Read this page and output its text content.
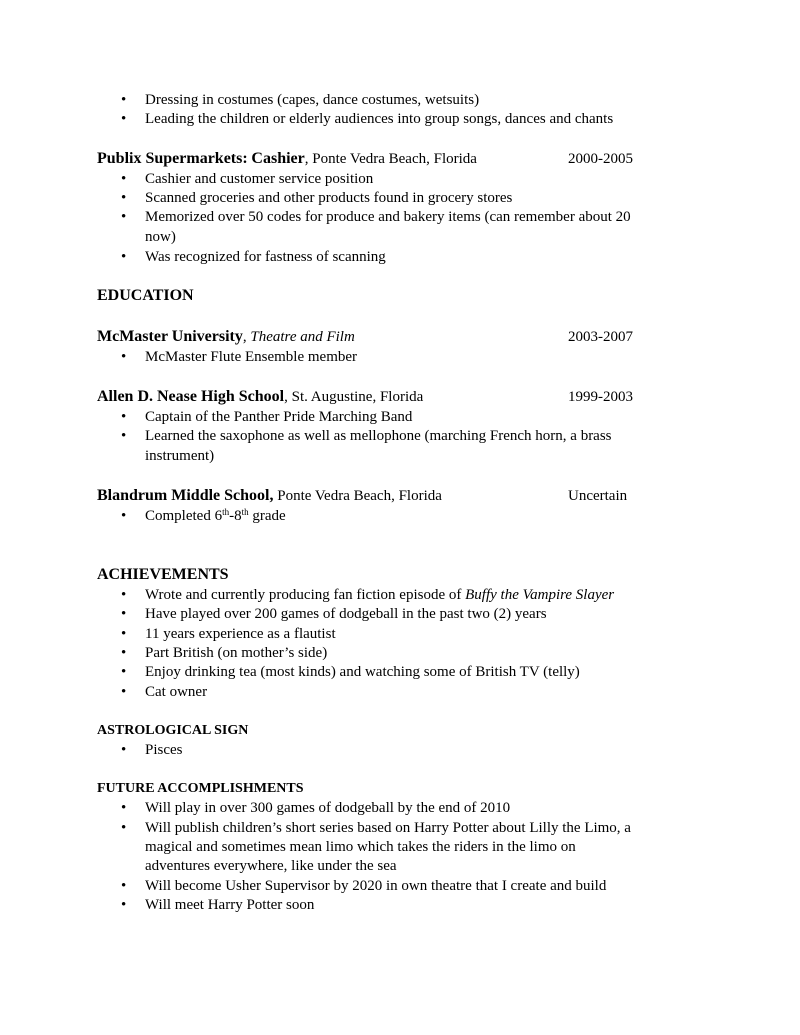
• Dressing in costumes (capes, dance costumes, wetsuits)
• Leading the children or elderly audiences into group songs, dances and chants
Publix Supermarkets: Cashier, Ponte Vedra Beach, Florida	2000-2005
• Cashier and customer service position
• Scanned groceries and other products found in grocery stores
• Memorized over 50 codes for produce and bakery items (can remember about 20
now)
• Was recognized for fastness of scanning
EDUCATION
McMaster University, Theatre and Film	2003-2007
• McMaster Flute Ensemble member
Allen D. Nease High School, St. Augustine, Florida	1999-2003
• Captain of the Panther Pride Marching Band
• Learned the saxophone as well as mellophone (marching French horn, a brass
instrument)
Blandrum Middle School, Ponte Vedra Beach, Florida	Uncertain
• Completed 6th-8th grade
ACHIEVEMENTS
• Wrote and currently producing fan fiction episode of Buffy the Vampire Slayer
• Have played over 200 games of dodgeball in the past two (2) years
• 11 years experience as a flautist
• Part British (on mother’s side)
• Enjoy drinking tea (most kinds) and watching some of British TV (telly)
• Cat owner
ASTROLOGICAL SIGN
• Pisces
FUTURE ACCOMPLISHMENTS
• Will play in over 300 games of dodgeball by the end of 2010
• Will publish children’s short series based on Harry Potter about Lilly the Limo, a
magical and sometimes mean limo which takes the riders in the limo on
adventures everywhere, like under the sea
• Will become Usher Supervisor by 2020 in own theatre that I create and build
• Will meet Harry Potter soon
